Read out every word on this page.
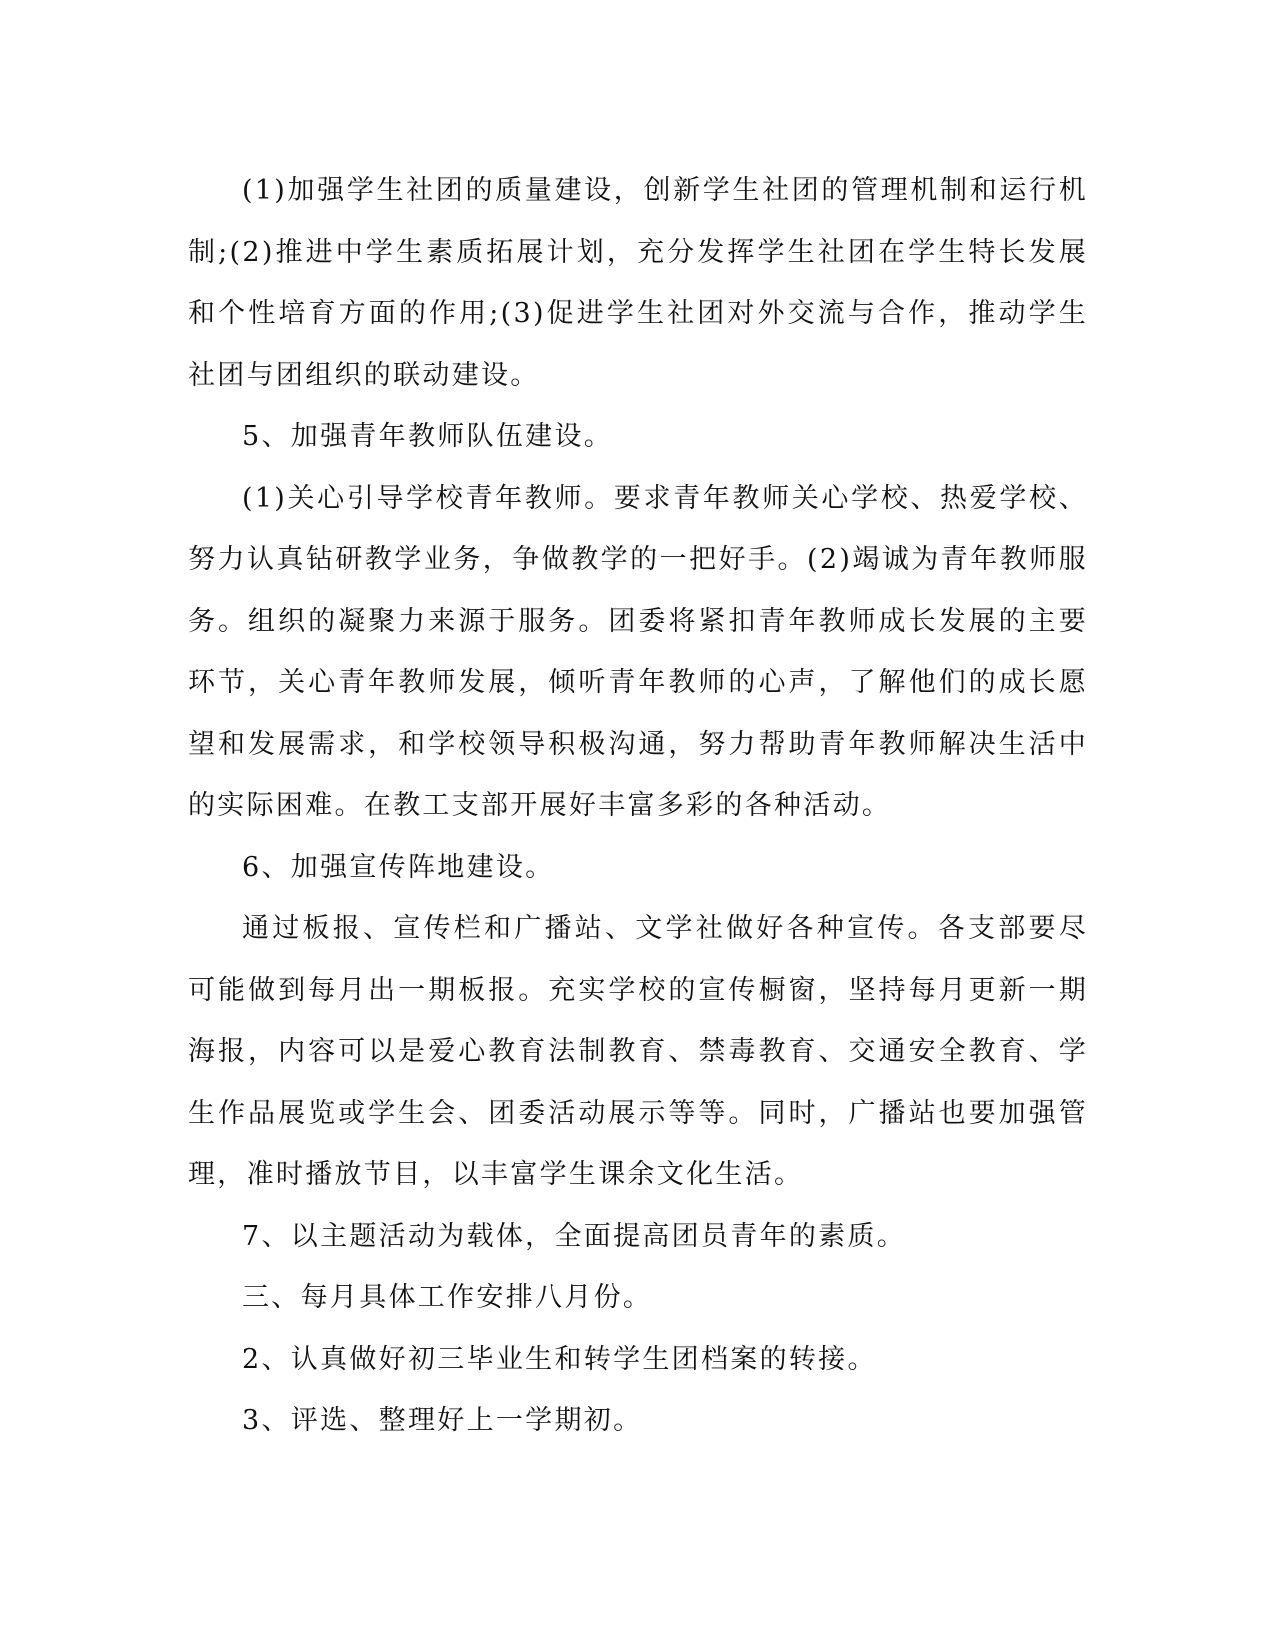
(1)加强学生社团的质量建设，创新学生社团的管理机制和运行机制;(2)推进中学生素质拓展计划，充分发挥学生社团在学生特长发展和个性培育方面的作用;(3)促进学生社团对外交流与合作，推动学生社团与团组织的联动建设。

5、加强青年教师队伍建设。

(1)关心引导学校青年教师。要求青年教师关心学校、热爱学校、努力认真钻研教学业务，争做教学的一把好手。(2)竭诚为青年教师服务。组织的凝聚力来源于服务。团委将紧扣青年教师成长发展的主要环节，关心青年教师发展，倾听青年教师的心声，了解他们的成长愿望和发展需求，和学校领导积极沟通，努力帮助青年教师解决生活中的实际困难。在教工支部开展好丰富多彩的各种活动。

6、加强宣传阵地建设。

通过板报、宣传栏和广播站、文学社做好各种宣传。各支部要尽可能做到每月出一期板报。充实学校的宣传橱窗，坚持每月更新一期海报，内容可以是爱心教育法制教育、禁毒教育、交通安全教育、学生作品展览或学生会、团委活动展示等等。同时，广播站也要加强管理，准时播放节目，以丰富学生课余文化生活。

7、以主题活动为载体，全面提高团员青年的素质。

三、每月具体工作安排八月份。

2、认真做好初三毕业生和转学生团档案的转接。

3、评选、整理好上一学期初。
